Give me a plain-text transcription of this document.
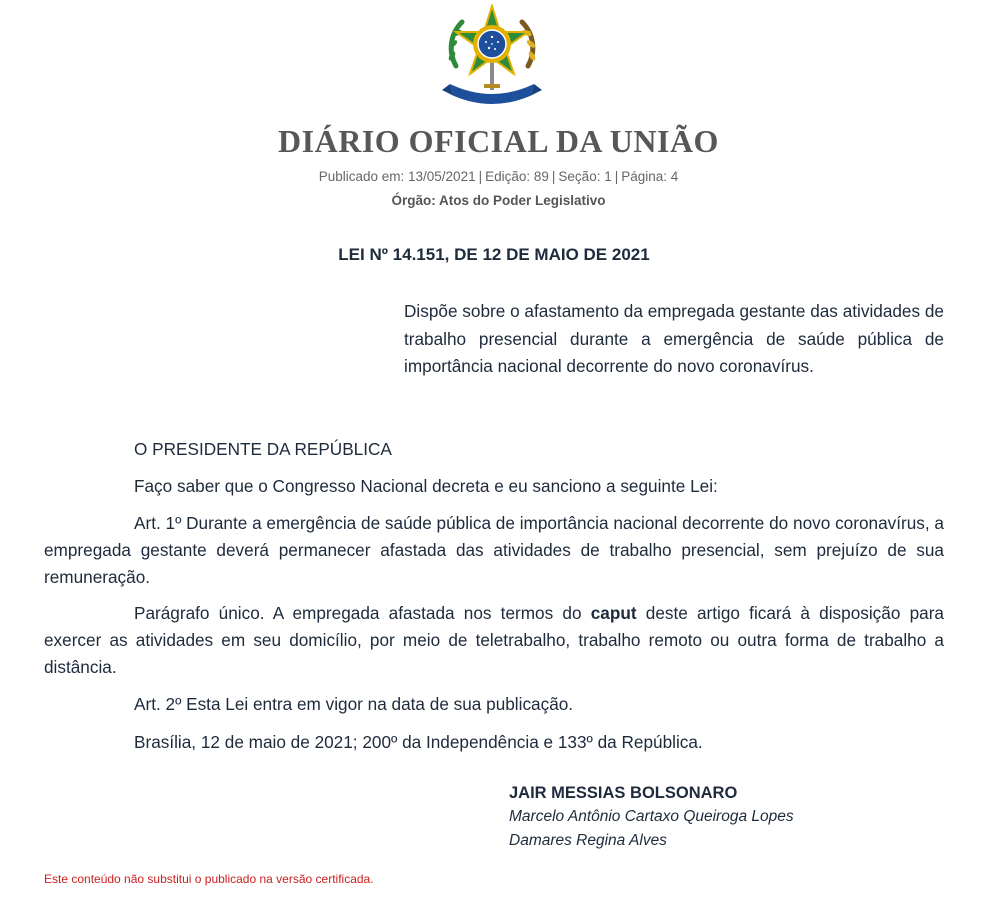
DIÁRIO OFICIAL DA UNIÃO
Publicado em: 13/05/2021 | Edição: 89 | Seção: 1 | Página: 4
Órgão: Atos do Poder Legislativo
LEI Nº 14.151, DE 12 DE MAIO DE 2021
Dispõe sobre o afastamento da empregada gestante das atividades de trabalho presencial durante a emergência de saúde pública de importância nacional decorrente do novo coronavírus.
O PRESIDENTE DA REPÚBLICA
Faço saber que o Congresso Nacional decreta e eu sanciono a seguinte Lei:
Art. 1º Durante a emergência de saúde pública de importância nacional decorrente do novo coronavírus, a empregada gestante deverá permanecer afastada das atividades de trabalho presencial, sem prejuízo de sua remuneração.
Parágrafo único. A empregada afastada nos termos do caput deste artigo ficará à disposição para exercer as atividades em seu domicílio, por meio de teletrabalho, trabalho remoto ou outra forma de trabalho a distância.
Art. 2º Esta Lei entra em vigor na data de sua publicação.
Brasília, 12 de maio de 2021; 200º da Independência e 133º da República.
JAIR MESSIAS BOLSONARO
Marcelo Antônio Cartaxo Queiroga Lopes
Damares Regina Alves
Este conteúdo não substitui o publicado na versão certificada.
